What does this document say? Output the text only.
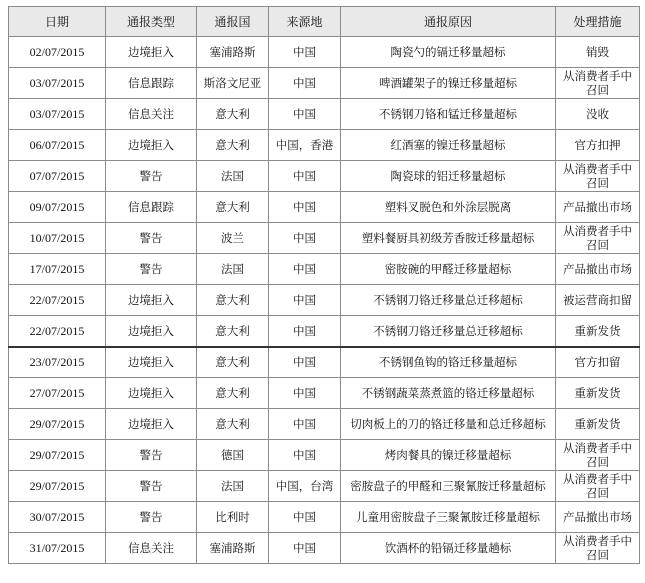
日期	通报类型	通报国	来源地	通报原因	处理措施
02/07/2015	边境拒入	塞浦路斯	中国	陶瓷勺的镉迁移量超标	销毁
03/07/2015	信息跟踪	斯洛文尼亚	中国	啤酒罐架子的镍迁移量超标	从消费者手中召回
03/07/2015	信息关注	意大利	中国	不锈钢刀铬和锰迁移量超标	没收
06/07/2015	边境拒入	意大利	中国，香港	红酒塞的镍迁移量超标	官方扣押
07/07/2015	警告	法国	中国	陶瓷球的铝迁移量超标	从消费者手中召回
09/07/2015	信息跟踪	意大利	中国	塑料叉脱色和外涂层脱离	产品撤出市场
10/07/2015	警告	波兰	中国	塑料餐厨具初级芳香胺迁移量超标	从消费者手中召回
17/07/2015	警告	法国	中国	密胺碗的甲醛迁移量超标	产品撤出市场
22/07/2015	边境拒入	意大利	中国	不锈钢刀铬迁移量总迁移超标	被运营商扣留
22/07/2015	边境拒入	意大利	中国	不锈钢刀铬迁移量总迁移超标	重新发货
23/07/2015	边境拒入	意大利	中国	不锈钢鱼钩的铬迁移量超标	官方扣留
27/07/2015	边境拒入	意大利	中国	不锈钢蔬菜蒸煮篮的铬迁移量超标	重新发货
29/07/2015	边境拒入	意大利	中国	切肉板上的刀的铬迁移量和总迁移超标	重新发货
29/07/2015	警告	德国	中国	烤肉餐具的镍迁移量超标	从消费者手中召回
29/07/2015	警告	法国	中国，台湾	密胺盘子的甲醛和三聚氰胺迁移量超标	从消费者手中召回
30/07/2015	警告	比利时	中国	儿童用密胺盘子三聚氰胺迁移量超标	产品撤出市场
31/07/2015	信息关注	塞浦路斯	中国	饮酒杯的铅镉迁移量趟标	从消费者手中召回
